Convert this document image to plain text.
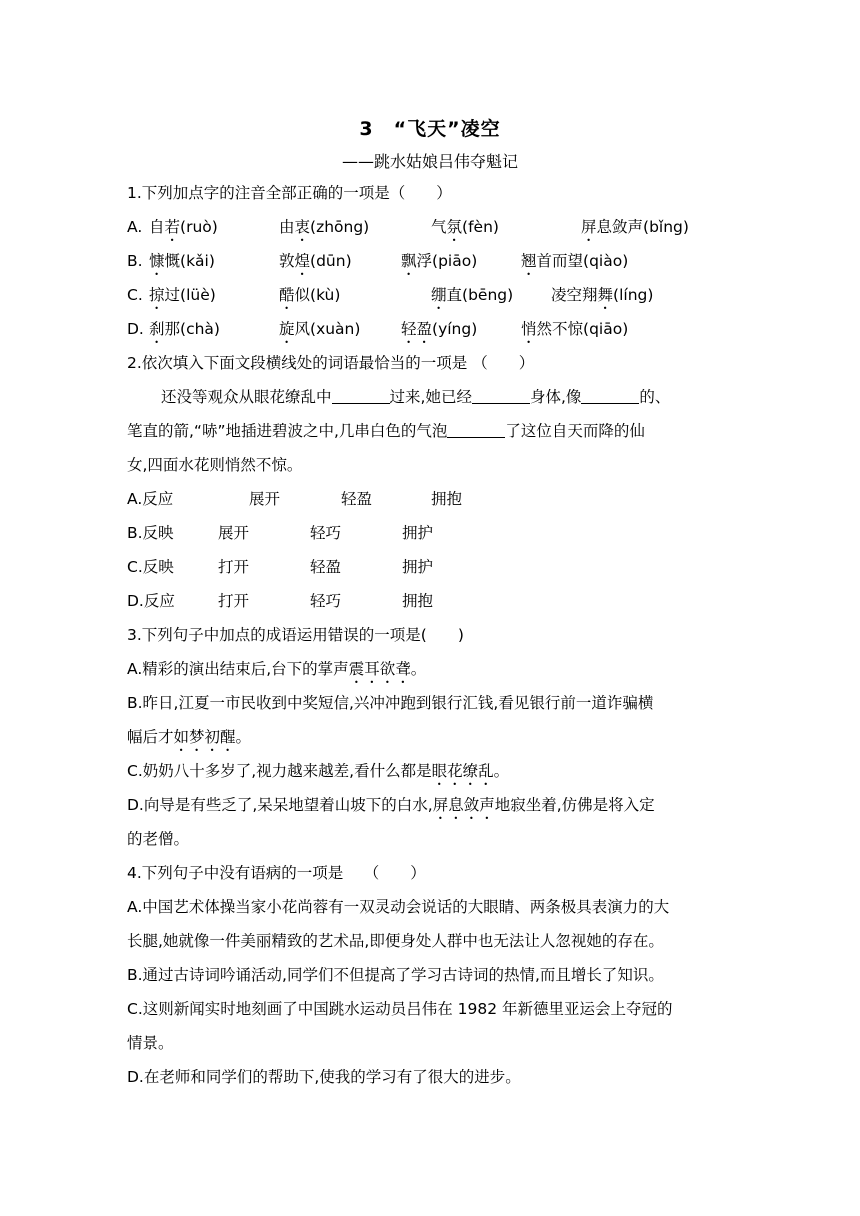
3　“飞天”凌空
——跳水姑娘吕伟夺魁记
1.下列加点字的注音全部正确的一项是（　　）
A. 自若(ruò)	由衷(zhōng)	气氛(fèn)	屏息敛声(bǐng)
B. 慷慨(kǎi)	敦煌(dūn)	飘浮(piāo)	翘首而望(qiào)
C. 掠过(lüè)	酷似(kù)	绷直(bēng) 凌空翔舞(líng)
D. 刹那(chà)	旋风(xuàn)	轻盈(yíng)	悄然不惊(qiāo)
2.依次填入下面文段横线处的词语最恰当的一项是 （　　）
还没等观众从眼花缭乱中	过来,她已经	身体,像	的、
笔直的箭,“哧”地插进碧波之中,几串白色的气泡	了这位自天而降的仙
女,四面水花则悄然不惊。
A.反应	展开	轻盈	拥抱
B.反映	展开	轻巧	拥护
C.反映	打开	轻盈	拥护
D.反应	打开	轻巧	拥抱
3.下列句子中加点的成语运用错误的一项是(　　)
A.精彩的演出结束后,台下的掌声震耳欲聋。
B.昨日,江夏一市民收到中奖短信,兴冲冲跑到银行汇钱,看见银行前一道诈骗横
幅后才如梦初醒。
C.奶奶八十多岁了,视力越来越差,看什么都是眼花缭乱。
D.向导是有些乏了,呆呆地望着山坡下的白水,屏息敛声地寂坐着,仿佛是将入定
的老僧。
4.下列句子中没有语病的一项是　 （　　）
A.中国艺术体操当家小花尚蓉有一双灵动会说话的大眼睛、两条极具表演力的大
长腿,她就像一件美丽精致的艺术品,即便身处人群中也无法让人忽视她的存在。
B.通过古诗词吟诵活动,同学们不但提高了学习古诗词的热情,而且增长了知识。
C.这则新闻实时地刻画了中国跳水运动员吕伟在 1982 年新德里亚运会上夺冠的
情景。
D.在老师和同学们的帮助下,使我的学习有了很大的进步。
